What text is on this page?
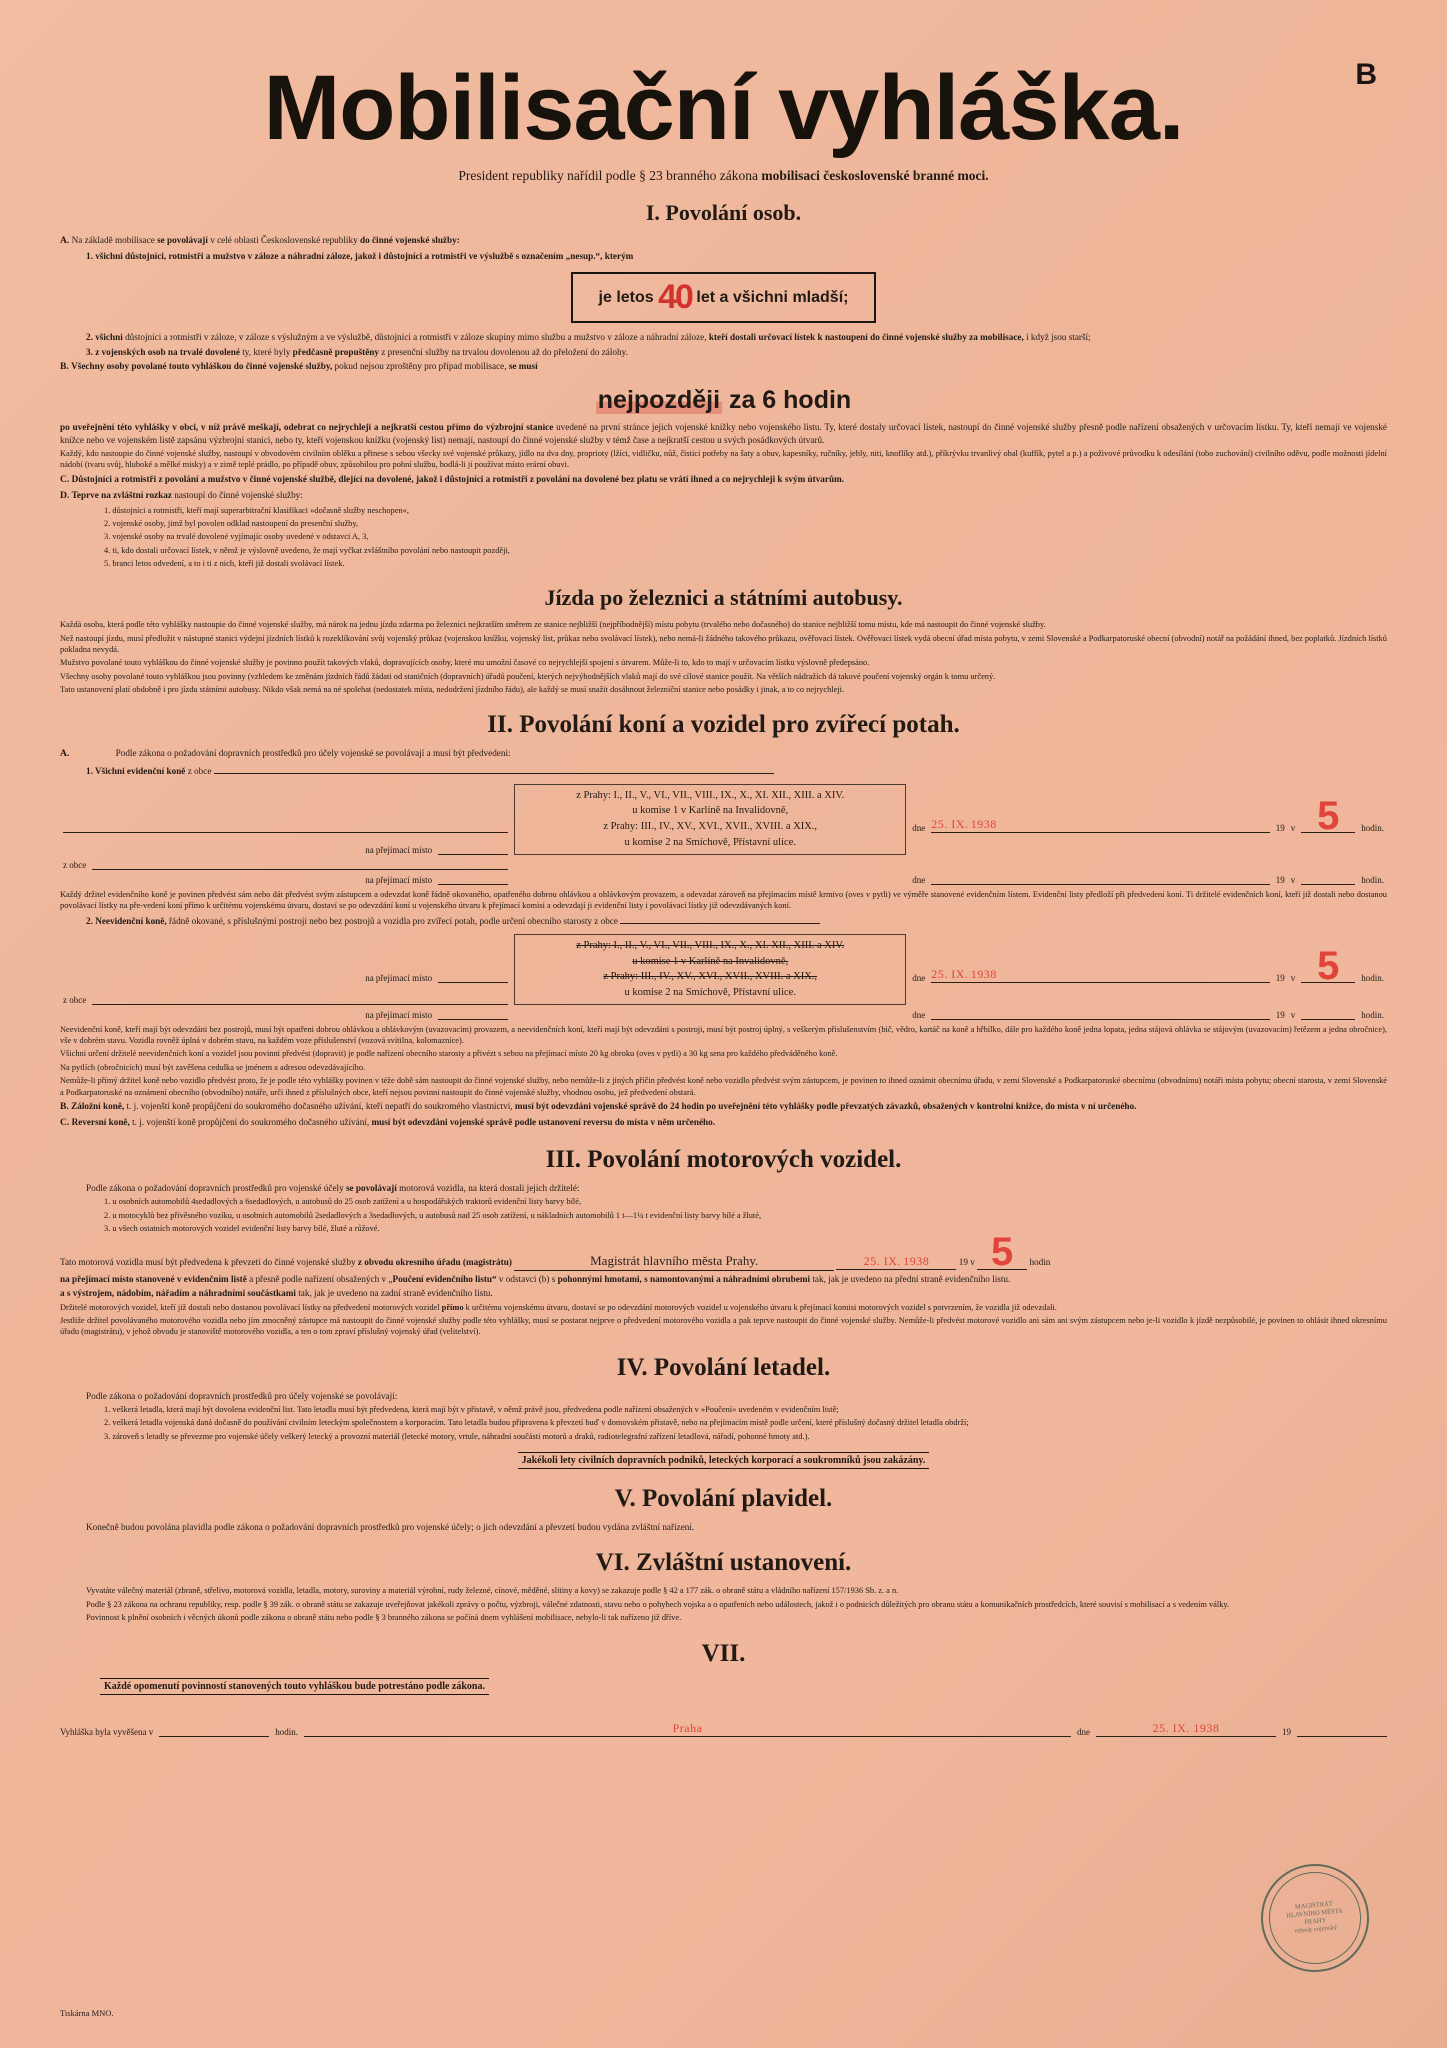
B
Mobilisační vyhláška.
President republiky nařídil podle § 23 branného zákona mobilisaci československé branné moci.
I. Povolání osob.
A. Na základě mobilisace se povolávají v celé oblasti Československé republiky do činné vojenské služby:
1. všichni důstojníci, rotmistři a mužstvo v záloze a náhradní záloze, jakož i důstojníci a rotmistři ve výslužbě s označením „nesup.“, kterým
je letos 40 let a všichni mladší;
2. všichni důstojníci a rotmistři v záloze, v záloze s výslužným a ve výslužbě, důstojníci a rotmistři v záloze skupiny mimo službu a mužstvo v záloze a náhradní záloze, kteří dostali určovací lístek k nastoupení do činné vojenské služby za mobilisace, i když jsou starší;
3. z vojenských osob na trvalé dovolené ty, které byly předčasně propuštěny z presenční služby na trvalou dovolenou až do přeložení do zálohy.
B. Všechny osoby povolané touto vyhláškou do činné vojenské služby, pokud nejsou zproštěny pro případ mobilisace, se musí
nejpozději za 6 hodin
po uveřejnění této vyhlášky v obci, v níž právě meškají, odebrat co nejrychleji a nejkratší cestou přímo do výzbrojní stanice uvedené na první stránce jejich vojenské knížky nebo vojenského listu. Ty, které dostaly určovací lístek, nastoupí do činné vojenské služby přesně podle nařízení obsažených v určovacím lístku. Ty, kteří nemají ve vojenské knížce nebo ve vojenském listě zapsánu výzbrojní stanici, nebo ty, kteří vojenskou knížku (vojenský list) nemají, nastoupí do činné vojenské služby v témž čase a nejkratší cestou u svých posádkových útvarů.
Každý, kdo nastoupie do činné vojenské služby, nastoupí v obvodovém civilním oblěku a přinese s sebou všecky své vojenské průkazy, jídlo na dva dny, proprioty (lžíci, vidličku, nůž, čisticí potřeby na šaty a obuv, kapesníky, ručníky, jehly, niti, knoflíky atd.), příkrývku trvanlivý obal (kuffík, pytel a p.) a poživové průvodku k odesílání (tobo zuchování) civilního oděvu, podle možnosti jídelní nádobí (tvaru svůj, hluboké a mělké misky) a v zimě teplé prádlo, po případě obuv, způsobilou pro pohní službu, hodlá-li ji používat místo erární obuvi.
C. Důstojníci a rotmistři z povolání a mužstvo v činné vojenské službě, dlející na dovolené, jakož i důstojníci a rotmistři z povolání na dovolené bez platu se vrátí ihned a co nejrychleji k svým útvarům.
D. Teprve na zvláštní rozkaz nastoupí do činné vojenské služby:
1. důstojníci a rotmistři, kteří mají superarbitrační klasifikaci »dočasně služby neschopen«,
2. vojenské osoby, jimž byl povolen odklad nastoupení do presenční služby,
3. vojenské osoby na trvalé dovolené vyjímajíc osoby uvedené v odstavci A, 3,
4. ti, kdo dostali určovací lístek, v němž je výslovně uvedeno, že mají vyčkat zvláštního povolání nebo nastoupit později,
5. branci letos odvedení, a to i ti z nich, kteří již dostali svolávací lístek.
Jízda po železnici a státními autobusy.
Každá osoba, která podle této vyhlášky nastoupie do činné vojenské služby, má nárok na jednu jízdu zdarma po železnici nejkratším směrem ze stanice nejbližší (nejpříhodnější) místu pobytu (trvalého nebo dočasného) do stanice nejbližší tomu místu, kde má nastoupit do činné vojenské služby.
Než nastoupí jízdu, musí předložit v nástupné stanici výdejní jízdních lístků k rozeklíkování svůj vojenský průkaz (vojenskou knížku, vojenský list, průkaz nebo svolávací lístek), nebo nemá-li žádného takového průkazu, ověřovací lístek. Ověřovací lístek vydá obecní úřad místa pobytu, v zemi Slovenské a Podkarpatoruské obecní (obvodní) notář na požádání ihned, bez poplatků. Jízdních lístků pokladna nevydá.
Mužstvo povolané touto vyhláškou do činné vojenské služby je povinno použít takových vlaků, dopravujících osoby, které mu umožní časové co nejrychlejší spojení s útvarem. Může-li to, kdo to mají v určovacím lístku výslovně předepsáno.
Všechny osoby povolané touto vyhláškou jsou povinny (vzhledem ke změnám jízdních řádů žádati od staničních (dopravních) úřadů poučení, kterých nejvýhodnějších vlaků mají do své cílové stanice použít. Na větších nádražích dá takové poučení vojenský orgán k tomu určený.
Tato ustanovení platí obdobně i pro jízdu státními autobusy. Nikdo však nemá na né spolehat (nedostatek místa, nedodržení jízdního řádu), ale každý se musí snažit dosáhnout železniční stanice nebo posádky i jinak, a to co nejrychleji.
II. Povolání koní a vozidel pro zvířecí potah.
A.	Podle zákona o požadování dopravních prostředků pro účely vojenské se povolávají a musí být předvedeni:
1. Všichni evidenční koně z obce

z Prahy: I., II., V., VI., VII., VIII., IX., X., XI. XII., XIII. a XIV.
u komise 1 v Karlíně na Invalidovně,
z Prahy: III., IV., XV., XVI., XVII., XVIII. a XIX.,
u komise 2 na Smíchově, Přístavní ulice.

dne 25. IX. 1938	19 v 5	hodin.

na přejímací místo		

z obce		

na přejímací místo		dne
19 v
hodin.
Každý držitel evidenčního koně je povinen předvést sám nebo dát předvést svým zástupcem a odevzdat koně řádně okovaného, opatřeného dobrou ohlávkou a ohlávkovým provazem, a odevzdat zároveň na přejímacím místě krmivo (oves v pytli) ve výměře stanovené evidenčním lístem. Evidenční listy předloží při předvedení koní. Ti držitelé evidenčních koní, kteří již dostali nebo dostanou povolávací lístky na pře-vedení koní přímo k určitému vojenskému útvaru, dostaví se po odevzdání koní u vojenského útvaru k přejímací komisi a odevzdají ji evidenční listy i povolávací lístky již odevzdávaných koní.
2. Neevidenční koně, řádně okované, s příslušnými postroji nebo bez postrojů a vozidla pro zvířecí potah, podle určení obecního starosty z obce

na přejímací místo

z Prahy: I., II., V., VI., VII., VIII., IX., X., XI. XII., XIII. a XIV.
u komise 1 v Karlíně na Invalidovně,
z Prahy: III., IV., XV., XVI., XVII., XVIII. a XIX.,
u komise 2 na Smíchově, Přístavní ulice.

dne 25. IX. 1938	19 v 5	hodin.

z obce		

na přejímací místo		dne
19 v
hodin.
Neevidenční koně, kteří mají být odevzdáni bez postrojů, musí být opatřeni dobrou ohlávkou a ohlávkovým (uvazovacím) provazem, a neevidenčních koní, kteří mají být odevzdáni s postroji, musí být postroj úplný, s veškerým příslušenstvím (bič, vědro, kartáč na koně a hřbílko, dále pro každého koně jedna lopata, jedna stájová ohlávka se stájovým (uvazovacím) řetězem a jedna obročnice), vše v dobrém stavu. Vozidla rovněž úplná v dobrém stavu, na každém voze příslušenství (vozová svítilna, kolomazníce).
Všichni určení držitelé neevidenčních koní a vozidel jsou povinni předvést (dopravit) je podle nařízení obecního starosty a přivézt s sebou na přejímací místo 20 kg obroku (oves v pytli) a 30 kg sena pro každého předváděného koně.
Na pytlích (obročnicích) musí být zavěšena cedulka se jménem a adresou odevzdávajícího.
Nemůže-li přímý držitel koně nebo vozidlo předvést proto, že je podle této vyhlášky povinen v téže době sám nastoupit do činné vojenské služby, nebo nemůže-li z jiných příčin předvést koně nebo vozidlo předvést svým zástupcem, je povinen to ihned oznámit obecnímu úřadu, v zemi Slovenské a Podkarpatoruské obecnímu (obvodnímu) notáři místa pobytu; obecní starosta, v zemi Slovenské a Podkarpatoruské na oznámení obecního (obvodního) notáře, určí ihned z příslušných obce, kteří nejsou povinni nastoupit do činné vojenské služby, vhodnou osobu, jež předvedení obstará.
B. Záložní koně, t. j. vojenští koně propůjčení do soukromého dočasného užívání, kteří nepatří do soukromého vlastnictví, musí být odevzdáni vojenské správě do 24 hodin po uveřejnění této vyhlášky podle převzatých závazků, obsažených v kontrolní knížce, do místa v ní určeného.
C. Reversní koně, t. j. vojenští koně propůjčení do soukromého dočasného užívání, musí být odevzdáni vojenské správě podle ustanovení reversu do místa v něm určeného.
III. Povolání motorových vozidel.
Podle zákona o požadování dopravních prostředků pro vojenské účely se povolávají motorová vozidla, na která dostali jejich držitelé:
1. u osobních automobilů 4sedadlových a 6sedadlových, u autobusů do 25 osob zatížení a u hospodářských traktorů evidenční listy barvy bílé,
2. u motocyklů bez přívěsného vozíku, u osobních automobilů 2sedadlových a 3sedadlových, u autobusů nad 25 osob zatížení, u nákladních automobilů 1 t—1¼ t evidenční listy barvy bílé a žluté,
3. u všech ostatních motorových vozidel evidenční listy barvy bílé, žluté a růžové.
Tato motorová vozidla musí být předvedena k převzetí do činné vojenské služby z obvodu okresního úřadu (magistrátu)	Magistrát hlavního města Prahy.	25. IX. 1938	19 v 5 hodin
na přejímací místo stanovené v evidenčním listě a přesně podle nařízení obsažených v „Poučení evidenčního listu“ v odstavci (b) s pohonnými hmotami, s namontovanými a náhradními obrubemi tak, jak je uvedeno na přední straně evidenčního listu.
a s výstrojem, nádobím, nářadím a náhradními součástkami tak, jak je uvedeno na zadní straně evidenčního listu.
Držitelé motorových vozidel, kteří již dostali nebo dostanou povolávací lístky na předvedení motorových vozidel přímo k určitému vojenskému útvaru, dostaví se po odevzdání motorových vozidel u vojenského útvaru k přejímací komisi motorových vozidel s potvrzením, že vozidla již odevzdali.
Jestliže držitel povolávaného motorového vozidla nebo jím zmocněný zástupce má nastoupit do činné vojenské služby podle této vyhlášky, musí se postarat nejprve o předvedení motorového vozidla a pak teprve nastoupit do činné vojenské služby. Nemůže-li předvést motorové vozidlo ani sám ani svým zástupcem nebo je-li vozidlo k jízdě nezpůsobilé, je povinen to ohlásit ihned okresnímu úřadu (magistrátu), v jehož obvodu je stanoviště motorového vozidla, a ten o tom zpraví příslušný vojenský úřad (velitelství).
IV. Povolání letadel.
Podle zákona o požadování dopravních prostředků pro účely vojenské se povolávají:
1. veškerá letadla, která mají být dovolena evidenční list. Tato letadla musí být předvedena, která mají být v přistavě, v němž právě jsou, předvedena podle nařízení obsažených v »Poučení« uvedeném v evidenčním listě;
2. veškerá letadla vojenská daná dočasně do používání civilním leteckým společnostem a korporacím. Tato letadla budou připravena k převzetí buď v domovském přistavě, nebo na přejímacím místě podle určení, které příslušný dočasný držitel letadla obdrží;
3. zároveň s letadly se převezme pro vojenské účely veškerý letecký a provozní materiál (letecké motory, vrtule, náhradní součásti motorů a draků, radiotelegrafní zařízení letadlová, nářadí, pohonné hmoty atd.).
Jakékoli lety civilních dopravních podniků, leteckých korporací a soukromníků jsou zakázány.
V. Povolání plavidel.
Konečně budou povolána plavidla podle zákona o požadování dopravních prostředků pro vojenské účely; o jich odevzdání a převzetí budou vydána zvláštní nařízení.
VI. Zvláštní ustanovení.
Vyvatáte válečný materiál (zbraně, střelivo, motorová vozidla, letadla, motory, suroviny a materiál výrobní, rudy železné, cínové, měděné, slitiny a kovy) se zakazuje podle § 42 a 177 zák. o obraně státu a vládního nařízení 157/1936 Sb. z. a n.
Podle § 23 zákona na ochranu republiky, resp. podle § 39 zák. o obraně státu se zakazuje uveřejňovat jakékoli zprávy o počtu, výzbroji, válečné zdatnosti, stavu nebo o pohybech vojska a o opatřeních nebo událostech, jakož i o podnicích důležitých pro obranu státu a komunikačních prostředcích, které souvisí s mobilisací a s vedením války.
Povinnost k plnění osobních i věcných úkonů podle zákona o obraně státu nebo podle § 3 branného zákona se počíná dnem vyhlášení mobilisace, nebylo-li tak nařízeno již dříve.
VII.
Každé opomenutí povinností stanovených touto vyhláškou bude potrestáno podle zákona.
Vyhláška byla vyvěšena v
	hodin.	Praha	dne	25. IX. 1938	19

Tiskárna MNO.
MAGISTRÁT
HLAVNÍHO MĚSTA
PRAHY
referát vojenský
